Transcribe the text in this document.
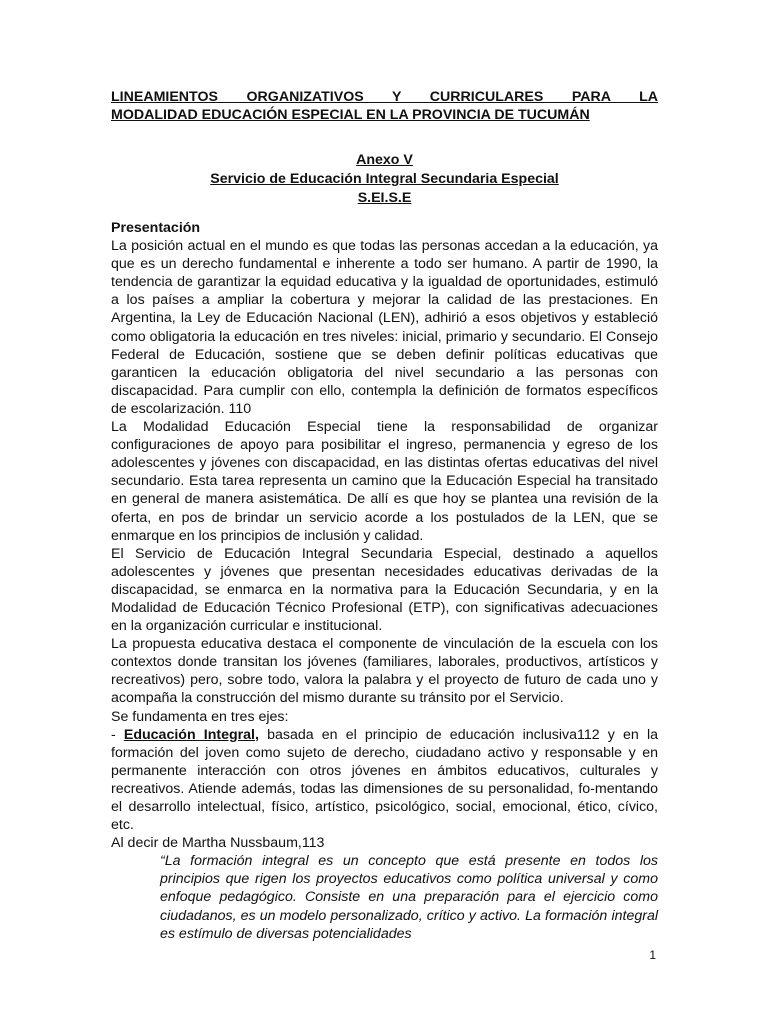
LINEAMIENTOS ORGANIZATIVOS Y CURRICULARES PARA LA
MODALIDAD EDUCACIÓN ESPECIAL EN LA PROVINCIA DE TUCUMÁN
Anexo V
Servicio de Educación Integral Secundaria Especial
S.EI.S.E

Presentación

La posición actual en el mundo es que todas las personas accedan a la educación, ya que es un derecho fundamental e inherente a todo ser humano. A partir de 1990, la tendencia de garantizar la equidad educativa y la igualdad de oportunidades, estimuló a los países a ampliar la cobertura y mejorar la calidad de las prestaciones. En Argentina, la Ley de Educación Nacional (LEN), adhirió a esos objetivos y estableció como obligatoria la educación en tres niveles: inicial, primario y secundario. El Consejo Federal de Educación, sostiene que se deben definir políticas educativas que garanticen la educación obligatoria del nivel secundario a las personas con discapacidad. Para cumplir con ello, contempla la definición de formatos específicos de escolarización. 110

La Modalidad Educación Especial tiene la responsabilidad de organizar configuraciones de apoyo para posibilitar el ingreso, permanencia y egreso de los adolescentes y jóvenes con discapacidad, en las distintas ofertas educativas del nivel secundario. Esta tarea representa un camino que la Educación Especial ha transitado en general de manera asistemática. De allí es que hoy se plantea una revisión de la oferta, en pos de brindar un servicio acorde a los postulados de la LEN, que se enmarque en los principios de inclusión y calidad.

El Servicio de Educación Integral Secundaria Especial, destinado a aquellos adolescentes y jóvenes que presentan necesidades educativas derivadas de la discapacidad, se enmarca en la normativa para la Educación Secundaria, y en la Modalidad de Educación Técnico Profesional (ETP), con significativas adecuaciones en la organización curricular e institucional.

La propuesta educativa destaca el componente de vinculación de la escuela con los contextos donde transitan los jóvenes (familiares, laborales, productivos, artísticos y recreativos) pero, sobre todo, valora la palabra y el proyecto de futuro de cada uno y acompaña la construcción del mismo durante su tránsito por el Servicio.

Se fundamenta en tres ejes:

- Educación Integral, basada en el principio de educación inclusiva112 y en la formación del joven como sujeto de derecho, ciudadano activo y responsable y en permanente interacción con otros jóvenes en ámbitos educativos, culturales y recreativos. Atiende además, todas las dimensiones de su personalidad, fo-mentando el desarrollo intelectual, físico, artístico, psicológico, social, emocional, ético, cívico, etc.

Al decir de Martha Nussbaum,113

“La formación integral es un concepto que está presente en todos los principios que rigen los proyectos educativos como política universal y como enfoque pedagógico. Consiste en una preparación para el ejercicio como ciudadanos, es un modelo personalizado, crítico y activo. La formación integral es estímulo de diversas potencialidades

1
